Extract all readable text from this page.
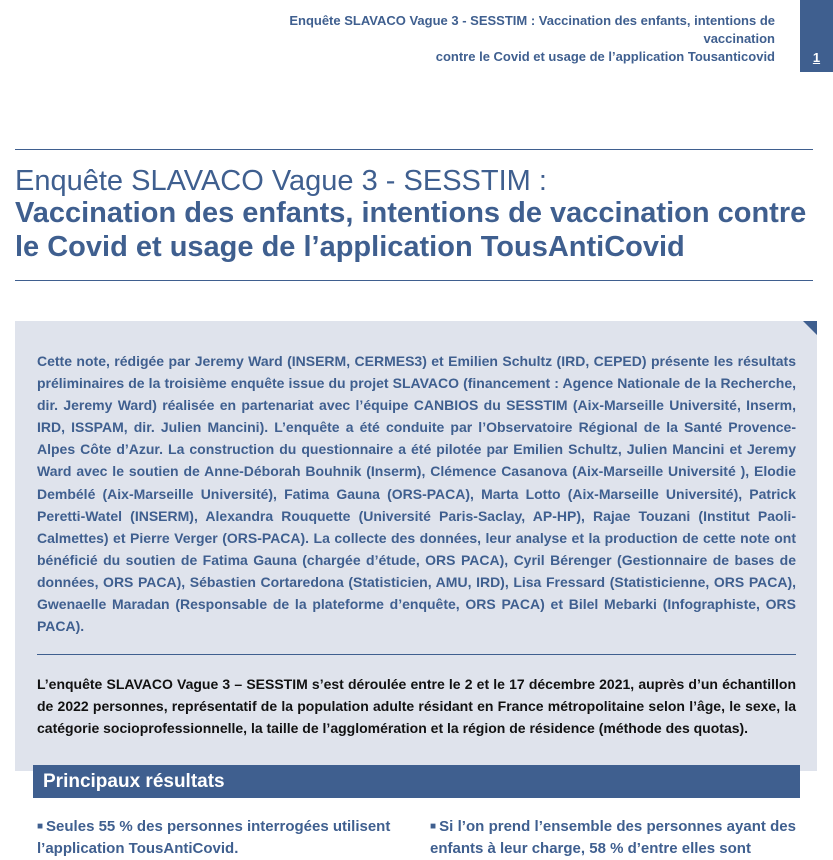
Enquête SLAVACO Vague 3 - SESSTIM : Vaccination des enfants, intentions de vaccination
contre le Covid et usage de l’application Tousanticovid	1
Enquête SLAVACO Vague 3 - SESSTIM :
Vaccination des enfants, intentions de vaccination contre le Covid et usage de l’application TousAntiCovid

Cette note, rédigée par Jeremy Ward (INSERM, CERMES3) et Emilien Schultz (IRD, CEPED) présente les résultats préliminaires de la troisième enquête issue du projet SLAVACO (financement : Agence Nationale de la Recherche, dir. Jeremy Ward) réalisée en partenariat avec l’équipe CANBIOS du SESSTIM (Aix-Marseille Université, Inserm, IRD, ISSPAM, dir. Julien Mancini). L’enquête a été conduite par l’Observatoire Régional de la Santé Provence-Alpes Côte d’Azur. La construction du questionnaire a été pilotée par Emilien Schultz, Julien Mancini et Jeremy Ward avec le soutien de Anne-Déborah Bouhnik (Inserm), Clémence Casanova (Aix-Marseille Université ), Elodie Dembélé (Aix-Marseille Université), Fatima Gauna (ORS-PACA), Marta Lotto (Aix-Marseille Université), Patrick Peretti-Watel (INSERM), Alexandra Rouquette (Université Paris-Saclay, AP-HP), Rajae Touzani (Institut Paoli-Calmettes) et Pierre Verger (ORS-PACA). La collecte des données, leur analyse et la production de cette note ont bénéficié du soutien de Fatima Gauna (chargée d’étude, ORS PACA), Cyril Bérenger (Gestionnaire de bases de données, ORS PACA), Sébastien Cortaredona (Statisticien, AMU, IRD), Lisa Fressard (Statisticienne, ORS PACA), Gwenaelle Maradan (Responsable de la plateforme d’enquête, ORS PACA) et Bilel Mebarki (Infographiste, ORS PACA).

L’enquête SLAVACO Vague 3 – SESSTIM s’est déroulée entre le 2 et le 17 décembre 2021, auprès d’un échantillon de 2022 personnes, représentatif de la population adulte résidant en France métropolitaine selon l’âge, le sexe, la catégorie socioprofessionnelle, la taille de l’agglomération et la région de résidence (méthode des quotas).

Principaux résultats

■ Seules 55 % des personnes interrogées utilisent l’application TousAntiCovid.

■ Si l’on prend l’ensemble des personnes ayant des enfants à leur charge, 58 % d’entre elles sont
